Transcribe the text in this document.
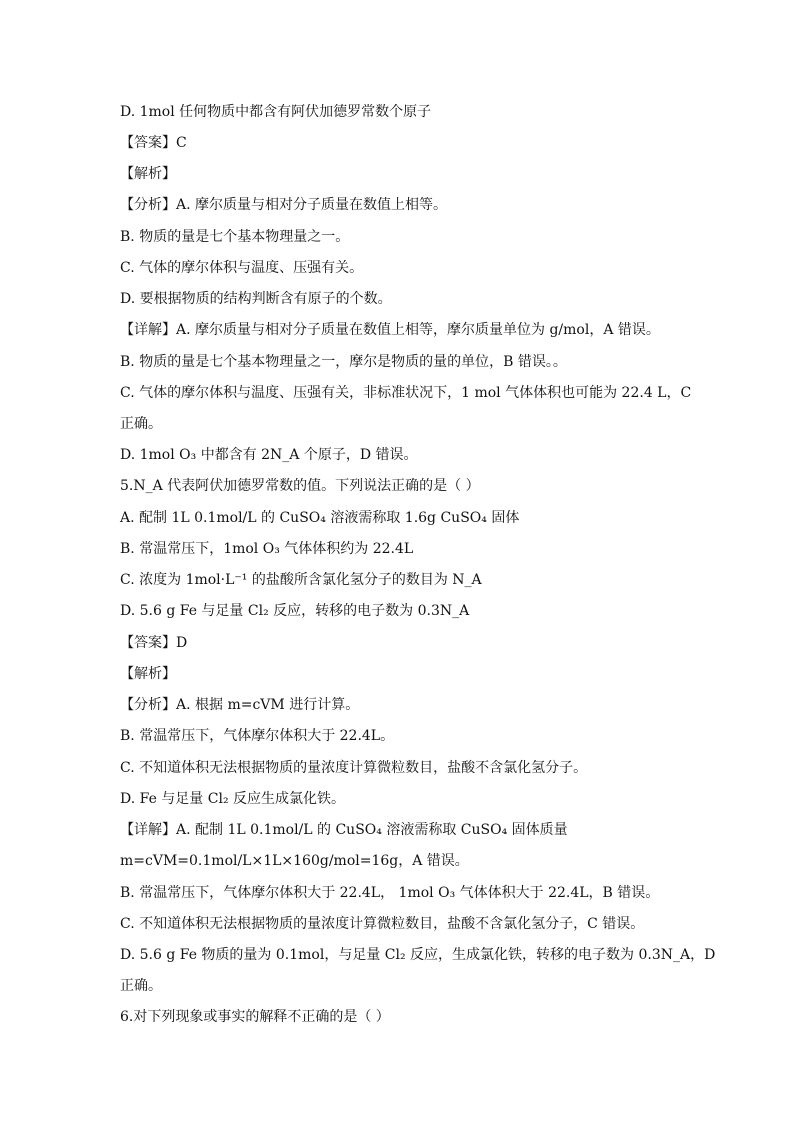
D. 1mol 任何物质中都含有阿伏加德罗常数个原子
【答案】C
【解析】
【分析】A. 摩尔质量与相对分子质量在数值上相等。
B. 物质的量是七个基本物理量之一。
C. 气体的摩尔体积与温度、压强有关。
D. 要根据物质的结构判断含有原子的个数。
【详解】A. 摩尔质量与相对分子质量在数值上相等，摩尔质量单位为 g/mol，A 错误。
B. 物质的量是七个基本物理量之一，摩尔是物质的量的单位，B 错误。。
C. 气体的摩尔体积与温度、压强有关，非标准状况下，1 mol 气体体积也可能为 22.4 L，C
正确。
D. 1mol O₃ 中都含有 2N_A 个原子，D 错误。
5.N_A 代表阿伏加德罗常数的值。下列说法正确的是（ ）
A. 配制 1L 0.1mol/L 的 CuSO₄ 溶液需称取 1.6g CuSO₄ 固体
B. 常温常压下，1mol O₃ 气体体积约为 22.4L
C. 浓度为 1mol·L⁻¹ 的盐酸所含氯化氢分子的数目为 N_A
D. 5.6 g Fe 与足量 Cl₂ 反应，转移的电子数为 0.3N_A
【答案】D
【解析】
【分析】A. 根据 m=cVM 进行计算。
B. 常温常压下，气体摩尔体积大于 22.4L。
C. 不知道体积无法根据物质的量浓度计算微粒数目，盐酸不含氯化氢分子。
D. Fe 与足量 Cl₂ 反应生成氯化铁。
【详解】A. 配制 1L 0.1mol/L 的 CuSO₄ 溶液需称取 CuSO₄ 固体质量
m=cVM=0.1mol/L×1L×160g/mol=16g，A 错误。
B. 常温常压下，气体摩尔体积大于 22.4L， 1mol O₃ 气体体积大于 22.4L，B 错误。
C. 不知道体积无法根据物质的量浓度计算微粒数目，盐酸不含氯化氢分子，C 错误。
D. 5.6 g Fe 物质的量为 0.1mol，与足量 Cl₂ 反应，生成氯化铁，转移的电子数为 0.3N_A，D
正确。
6.对下列现象或事实的解释不正确的是（ ）
